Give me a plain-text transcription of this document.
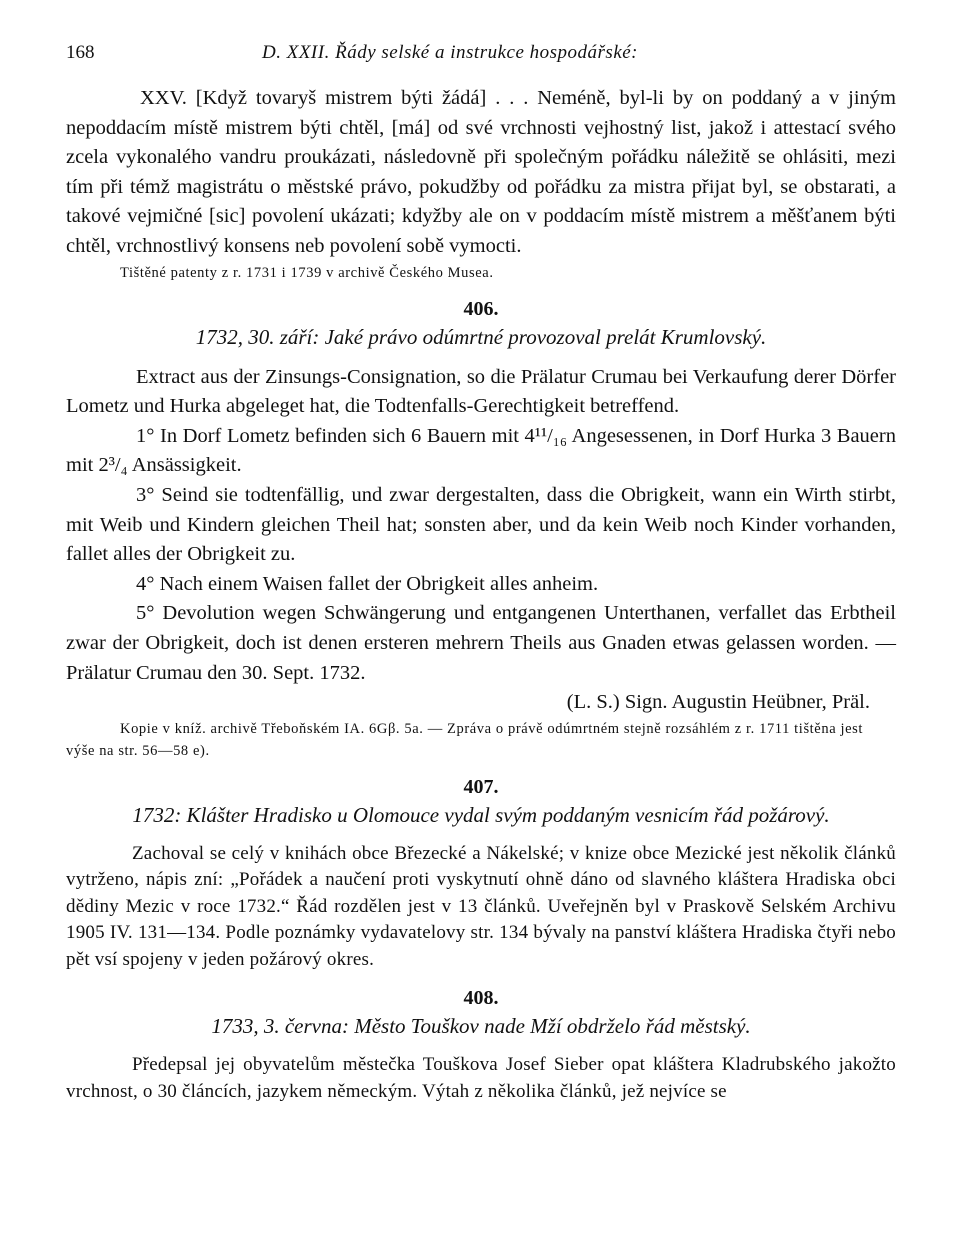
168	D. XXII. Řády selské a instrukce hospodářské:

XXV. [Když tovaryš mistrem býti žádá] . . . Neméně, byl-li by on poddaný a v jiným nepoddacím místě mistrem býti chtěl, [má] od své vrchnosti vejhostný list, jakož i attestací svého zcela vykonalého vandru proukázati, následovně při společným pořádku náležitě se ohlásiti, mezi tím při témž magistrátu o městské právo, pokudžby od pořádku za mistra přijat byl, se obstarati, a takové vejmičné [sic] povolení ukázati; kdyžby ale on v poddacím místě mistrem a měšťanem býti chtěl, vrchnostlivý konsens neb povolení sobě vymocti.

Tištěné patenty z r. 1731 i 1739 v archivě Českého Musea.

406.
1732, 30. září: Jaké právo odúmrtné provozoval prelát Krumlovský.

Extract aus der Zinsungs-Consignation, so die Prälatur Crumau bei Verkaufung derer Dörfer Lometz und Hurka abgeleget hat, die Todtenfalls-Gerechtigkeit betreffend.

1° In Dorf Lometz befinden sich 6 Bauern mit 4¹¹/₁₆ Angesessenen, in Dorf Hurka 3 Bauern mit 2³/₄ Ansässigkeit.

3° Seind sie todtenfällig, und zwar dergestalten, dass die Obrigkeit, wann ein Wirth stirbt, mit Weib und Kindern gleichen Theil hat; sonsten aber, und da kein Weib noch Kinder vorhanden, fallet alles der Obrigkeit zu.

4° Nach einem Waisen fallet der Obrigkeit alles anheim.

5° Devolution wegen Schwängerung und entgangenen Unterthanen, verfallet das Erbtheil zwar der Obrigkeit, doch ist denen ersteren mehrern Theils aus Gnaden etwas gelassen worden. — Prälatur Crumau den 30. Sept. 1732.

(L. S.) Sign. Augustin Heübner, Präl.

Kopie v kníž. archivě Třeboňském IA. 6Gβ. 5a. — Zpráva o právě odúmrtném stejně rozsáhlém z r. 1711 tištěna jest výše na str. 56—58 e).

407.
1732: Klášter Hradisko u Olomouce vydal svým poddaným vesnicím řád požárový.

Zachoval se celý v knihách obce Březecké a Nákelské; v knize obce Mezické jest několik článků vytrženo, nápis zní: „Pořádek a naučení proti vyskytnutí ohně dáno od slavného kláštera Hradiska obci dědiny Mezic v roce 1732.“ Řád rozdělen jest v 13 článků. Uveřejněn byl v Praskově Selském Archivu 1905 IV. 131—134. Podle poznámky vydavatelovy str. 134 bývaly na panství kláštera Hradiska čtyři nebo pět vsí spojeny v jeden požárový okres.

408.
1733, 3. června: Město Touškov nade Mží obdrželo řád městský.

Předepsal jej obyvatelům městečka Touškova Josef Sieber opat kláštera Kladrubského jakožto vrchnost, o 30 článcích, jazykem německým. Výtah z několika článků, jež nejvíce se
